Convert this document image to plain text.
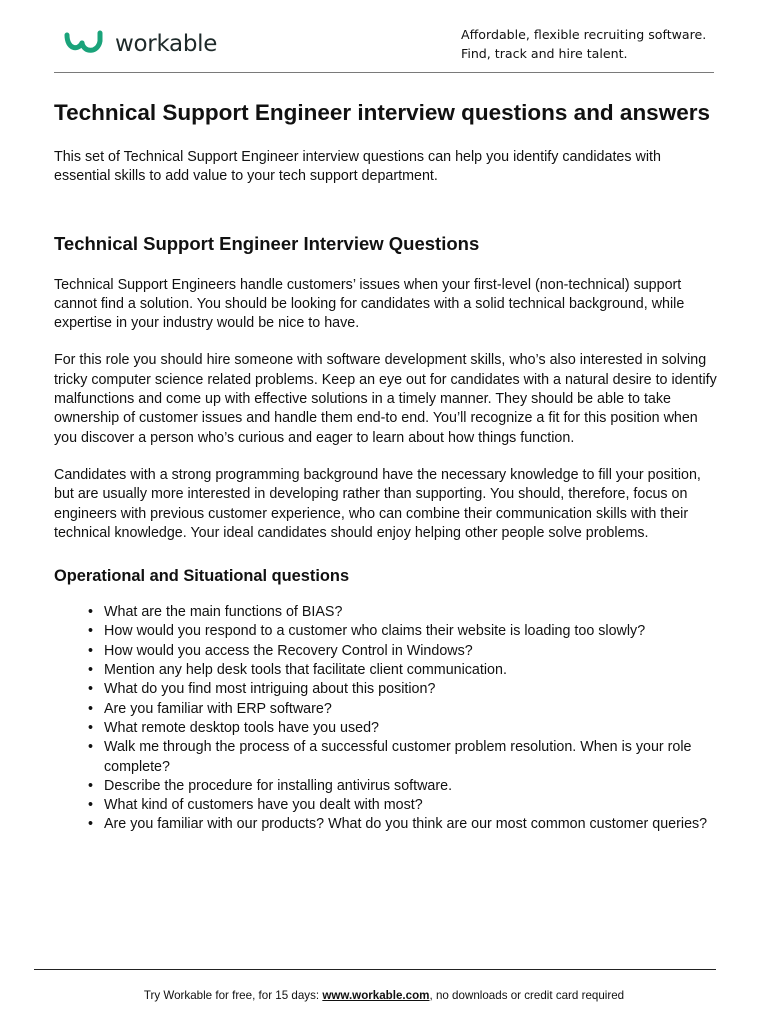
workable	Affordable, flexible recruiting software.
Find, track and hire talent.
Technical Support Engineer interview questions and answers

This set of Technical Support Engineer interview questions can help you identify candidates with essential skills to add value to your tech support department.

Technical Support Engineer Interview Questions

Technical Support Engineers handle customers’ issues when your first-level (non-technical) support cannot find a solution. You should be looking for candidates with a solid technical background, while expertise in your industry would be nice to have.

For this role you should hire someone with software development skills, who’s also interested in solving tricky computer science related problems. Keep an eye out for candidates with a natural desire to identify malfunctions and come up with effective solutions in a timely manner. They should be able to take ownership of customer issues and handle them end-to end. You’ll recognize a fit for this position when you discover a person who’s curious and eager to learn about how things function.

Candidates with a strong programming background have the necessary knowledge to fill your position, but are usually more interested in developing rather than supporting. You should, therefore, focus on engineers with previous customer experience, who can combine their communication skills with their technical knowledge. Your ideal candidates should enjoy helping other people solve problems.

Operational and Situational questions
• What are the main functions of BIAS?
• How would you respond to a customer who claims their website is loading too slowly?
• How would you access the Recovery Control in Windows?
• Mention any help desk tools that facilitate client communication.
• What do you find most intriguing about this position?
• Are you familiar with ERP software?
• What remote desktop tools have you used?
• Walk me through the process of a successful customer problem resolution. When is your role complete?
• Describe the procedure for installing antivirus software.
• What kind of customers have you dealt with most?
• Are you familiar with our products? What do you think are our most common customer queries?
Try Workable for free, for 15 days: www.workable.com, no downloads or credit card required
